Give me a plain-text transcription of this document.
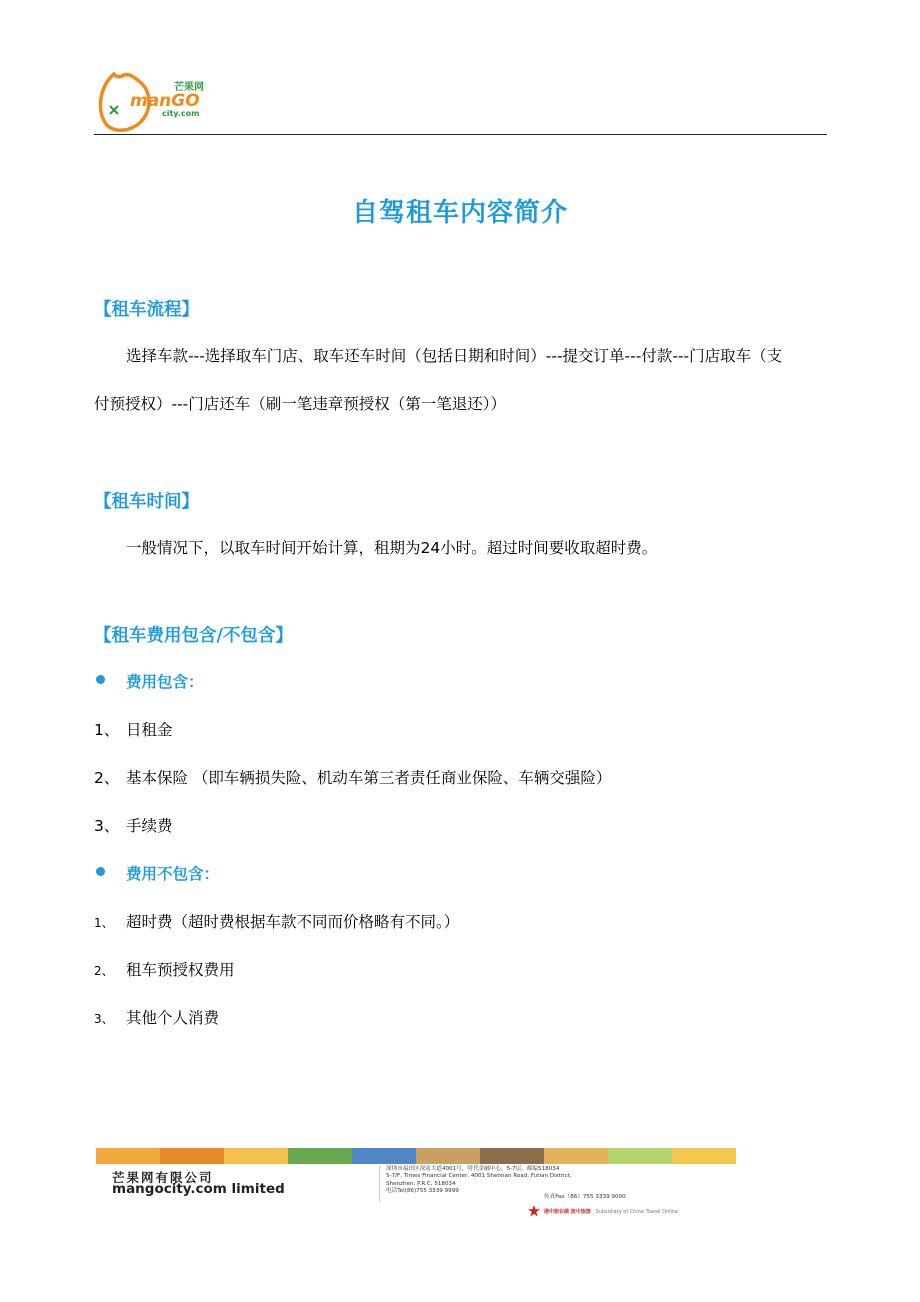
芒果网
manGO
city.com
自驾租车内容简介
【租车流程】
选择车款---选择取车门店、取车还车时间（包括日期和时间）---提交订单---付款---门店取车（支
付预授权）---门店还车（刷一笔违章预授权（第一笔退还））
【租车时间】
一般情况下，以取车时间开始计算，租期为24小时。超过时间要收取超时费。
【租车费用包含/不包含】
费用包含：
1、 日租金
2、 基本保险 （即车辆损失险、机动车第三者责任商业保险、车辆交强险）
3、 手续费
费用不包含：
1、 超时费（超时费根据车款不同而价格略有不同。）
2、 租车预授权费用
3、 其他个人消费
芒果网有限公司
mangocity.com limited
深圳市福田区深南大道4001号，时代金融中心，5-7层，邮编518034
5-7/F, Times Financial Center, 4001 Shennan Road, Futian District,
Shenzhen, P.R.C, 518034
电话Tel(86)755 3339 9999
传真Fax（86）755 3339 9000
港中旅在線 旅中旅遊 Subsidiary of China Travel Online
